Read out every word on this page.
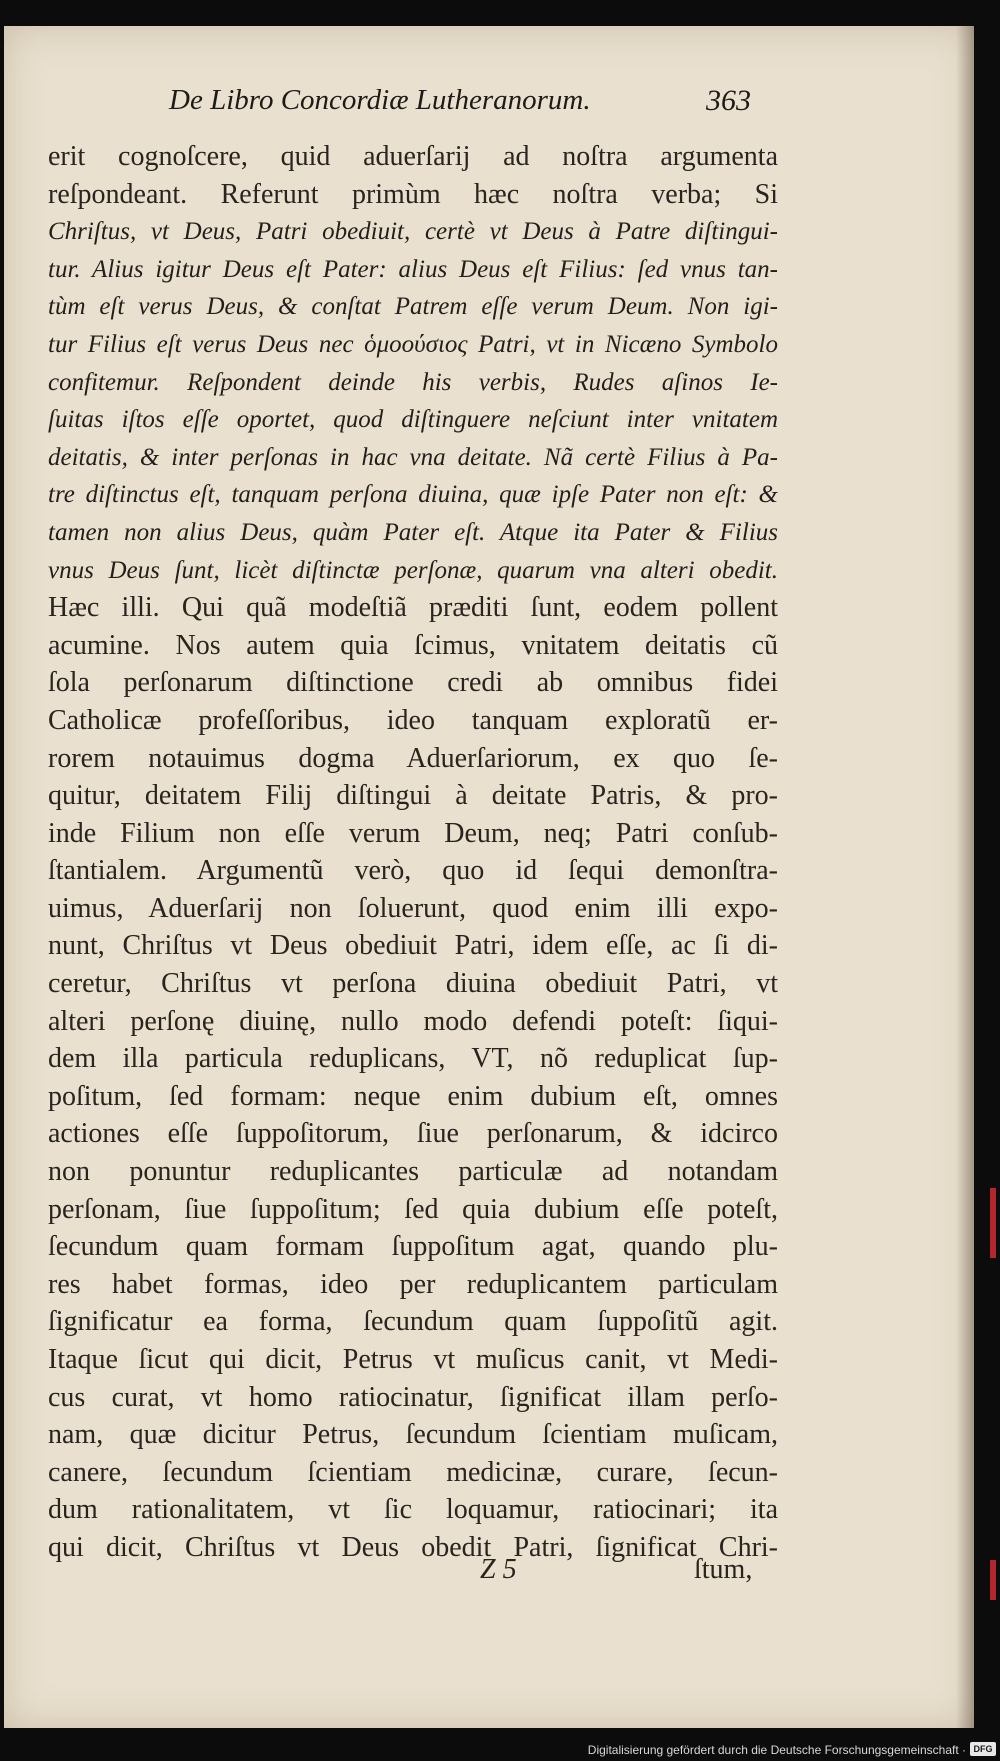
De Libro Concordiæ Lutheranorum.	363
erit cognoſcere, quid aduerſarij ad noſtra argumenta
reſpondeant. Referunt primùm hæc noſtra verba; Si
Chriſtus, vt Deus, Patri obediuit, certè vt Deus à Patre diſtingui-
tur. Alius igitur Deus eſt Pater: alius Deus eſt Filius: ſed vnus tan-
tùm eſt verus Deus, & conſtat Patrem eſſe verum Deum. Non igi-
tur Filius eſt verus Deus nec ὁμοούσιος Patri, vt in Nicæno Symbolo
confitemur. Reſpondent deinde his verbis, Rudes aſinos Ie-
ſuitas iſtos eſſe oportet, quod diſtinguere neſciunt inter vnitatem
deitatis, & inter perſonas in hac vna deitate. Nã certè Filius à Pa-
tre diſtinctus eſt, tanquam perſona diuina, quæ ipſe Pater non eſt: &
tamen non alius Deus, quàm Pater eſt. Atque ita Pater & Filius
vnus Deus ſunt, licèt diſtinctæ perſonæ, quarum vna alteri obedit.
Hæc illi. Qui quã modeſtiã præditi ſunt, eodem pollent
acumine. Nos autem quia ſcimus, vnitatem deitatis cũ
ſola perſonarum diſtinctione credi ab omnibus fidei
Catholicæ profeſſoribus, ideo tanquam exploratũ er-
rorem notauimus dogma Aduerſariorum, ex quo ſe-
quitur, deitatem Filij diſtingui à deitate Patris, & pro-
inde Filium non eſſe verum Deum, neq; Patri conſub-
ſtantialem. Argumentũ verò, quo id ſequi demonſtra-
uimus, Aduerſarij non ſoluerunt, quod enim illi expo-
nunt, Chriſtus vt Deus obediuit Patri, idem eſſe, ac ſi di-
ceretur, Chriſtus vt perſona diuina obediuit Patri, vt
alteri perſonę diuinę, nullo modo defendi poteſt: ſiqui-
dem illa particula reduplicans, VT, nõ reduplicat ſup-
poſitum, ſed formam: neque enim dubium eſt, omnes
actiones eſſe ſuppoſitorum, ſiue perſonarum, & idcirco
non ponuntur reduplicantes particulæ ad notandam
perſonam, ſiue ſuppoſitum; ſed quia dubium eſſe poteſt,
ſecundum quam formam ſuppoſitum agat, quando plu-
res habet formas, ideo per reduplicantem particulam
ſignificatur ea forma, ſecundum quam ſuppoſitũ agit.
Itaque ſicut qui dicit, Petrus vt muſicus canit, vt Medi-
cus curat, vt homo ratiocinatur, ſignificat illam perſo-
nam, quæ dicitur Petrus, ſecundum ſcientiam muſicam,
canere, ſecundum ſcientiam medicinæ, curare, ſecun-
dum rationalitatem, vt ſic loquamur, ratiocinari; ita
qui dicit, Chriſtus vt Deus obedit Patri, ſignificat Chri-
Z 5	ſtum,
Digitalisierung gefördert durch die Deutsche Forschungsgemeinschaft · DFG
